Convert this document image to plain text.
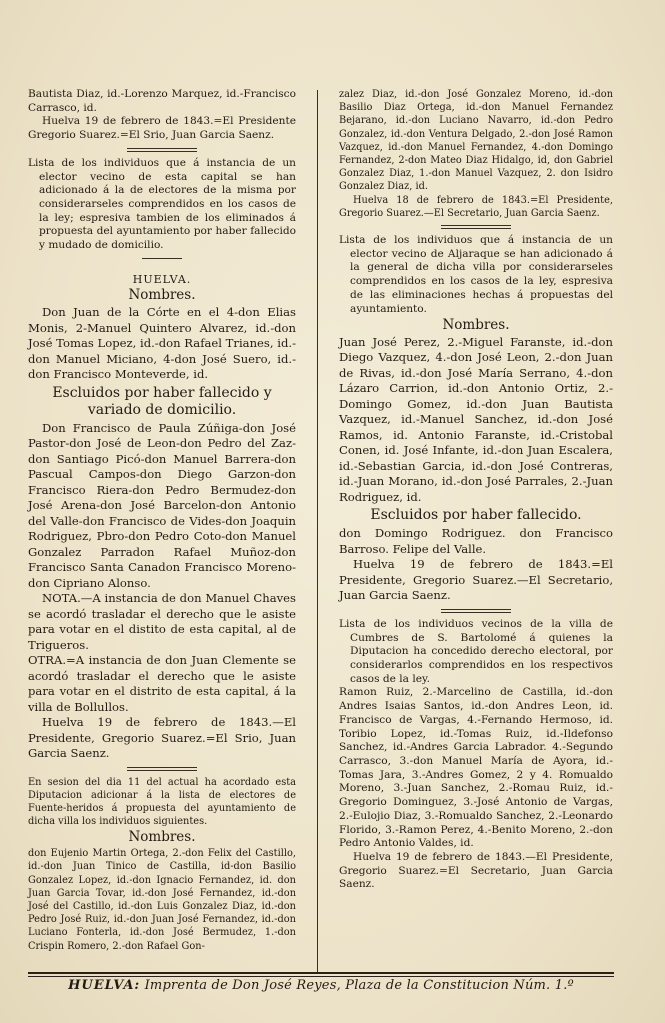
Bautista Diaz, id.-Lorenzo Marquez, id.-Francisco Carrasco, id.

Huelva 19 de febrero de 1843.=El Presidente Gregorio Suarez.=El Srio, Juan Garcia Saenz.

Lista de los individuos que á instancia de un elector vecino de esta capital se han adicionado á la de electores de la misma por considerarseles comprendidos en los casos de la ley; espresiva tambien de los eliminados á propuesta del ayuntamiento por haber fallecido y mudado de domicilio.

HUELVA.

Nombres.

Don Juan de la Córte en el 4-don Elias Monis, 2-Manuel Quintero Alvarez, id.-don José Tomas Lopez, id.-don Rafael Trianes, id.-don Manuel Miciano, 4-don José Suero, id.-don Francisco Monteverde, id.

Escluidos por haber fallecido y variado de domicilio.

Don Francisco de Paula Zúñiga-don José Pastor-don José de Leon-don Pedro del Zaz-don Santiago Picó-don Manuel Barrera-don Pascual Campos-don Diego Garzon-don Francisco Riera-don Pedro Bermudez-don José Arena-don José Barcelon-don Antonio del Valle-don Francisco de Vides-don Joaquin Rodriguez, Pbro-don Pedro Coto-don Manuel Gonzalez Parradon Rafael Muñoz-don Francisco Santa Canadon Francisco Moreno-don Cipriano Alonso.

NOTA.—A instancia de don Manuel Chaves se acordó trasladar el derecho que le asiste para votar en el distito de esta capital, al de Trigueros.

OTRA.=A instancia de don Juan Clemente se acordó trasladar el derecho que le asiste para votar en el distrito de esta capital, á la villa de Bollullos.

Huelva 19 de febrero de 1843.—El Presidente, Gregorio Suarez.=El Srio, Juan Garcia Saenz.

En sesion del dia 11 del actual ha acordado esta Diputacion adicionar á la lista de electores de Fuente-heridos á propuesta del ayuntamiento de dicha villa los individuos siguientes.

Nombres.

don Eujenio Martin Ortega, 2.-don Felix del Castillo, id.-don Juan Tinico de Castilla, id-don Basilio Gonzalez Lopez, id.-don Ignacio Fernandez, id. don Juan Garcia Tovar, id.-don José Fernandez, id.-don José del Castillo, id.-don Luis Gonzalez Diaz, id.-don Pedro José Ruiz, id.-don Juan José Fernandez, id.-don Luciano Fonterla, id.-don José Bermudez, 1.-don Crispin Romero, 2.-don Rafael Gon-

zalez Diaz, id.-don José Gonzalez Moreno, id.-don Basilio Diaz Ortega, id.-don Manuel Fernandez Bejarano, id.-don Luciano Navarro, id.-don Pedro Gonzalez, id.-don Ventura Delgado, 2.-don José Ramon Vazquez, id.-don Manuel Fernandez, 4.-don Domingo Fernandez, 2-don Mateo Diaz Hidalgo, id, don Gabriel Gonzalez Diaz, 1.-don Manuel Vazquez, 2. don Isidro Gonzalez Diaz, id.

Huelva 18 de febrero de 1843.=El Presidente, Gregorio Suarez.—El Secretario, Juan Garcia Saenz.

Lista de los individuos que á instancia de un elector vecino de Aljaraque se han adicionado á la general de dicha villa por considerarseles comprendidos en los casos de la ley, espresiva de las eliminaciones hechas á propuestas del ayuntamiento.

Nombres.

Juan José Perez, 2.-Miguel Faranste, id.-don Diego Vazquez, 4.-don José Leon, 2.-don Juan de Rivas, id.-don José María Serrano, 4.-don Lázaro Carrion, id.-don Antonio Ortiz, 2.-Domingo Gomez, id.-don Juan Bautista Vazquez, id.-Manuel Sanchez, id.-don José Ramos, id. Antonio Faranste, id.-Cristobal Conen, id. José Infante, id.-don Juan Escalera, id.-Sebastian Garcia, id.-don José Contreras, id.-Juan Morano, id.-don José Parrales, 2.-Juan Rodriguez, id.

Escluidos por haber fallecido.

don Domingo Rodriguez. don Francisco Barroso. Felipe del Valle.

Huelva 19 de febrero de 1843.=El Presidente, Gregorio Suarez.—El Secretario, Juan Garcia Saenz.

Lista de los individuos vecinos de la villa de Cumbres de S. Bartolomé á quienes la Diputacion ha concedido derecho electoral, por considerarlos comprendidos en los respectivos casos de la ley.

Ramon Ruiz, 2.-Marcelino de Castilla, id.-don Andres Isaias Santos, id.-don Andres Leon, id. Francisco de Vargas, 4.-Fernando Hermoso, id. Toribio Lopez, id.-Tomas Ruiz, id.-Ildefonso Sanchez, id.-Andres Garcia Labrador. 4.-Segundo Carrasco, 3.-don Manuel María de Ayora, id.-Tomas Jara, 3.-Andres Gomez, 2 y 4. Romualdo Moreno, 3.-Juan Sanchez, 2.-Romau Ruiz, id.-Gregorio Dominguez, 3.-José Antonio de Vargas, 2.-Eulojio Diaz, 3.-Romualdo Sanchez, 2.-Leonardo Florido, 3.-Ramon Perez, 4.-Benito Moreno, 2.-don Pedro Antonio Valdes, id.

Huelva 19 de febrero de 1843.—El Presidente, Gregorio Suarez.=El Secretario, Juan Garcia Saenz.

HUELVA: Imprenta de Don José Reyes, Plaza de la Constitucion Núm. 1.º
